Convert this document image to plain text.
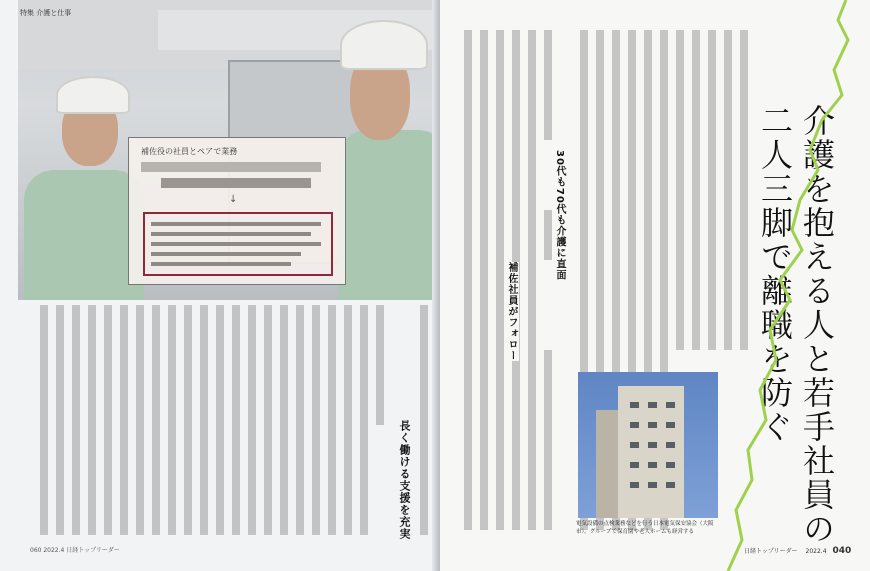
特集 介護と仕事
補佐役の社員とペアで業務
↓
長く働ける支援を充実
060 2022.4 日経トップリーダー
30代も70代も介護に直面
補佐社員がフォロー	介護を抱える人と若手社員の
二人三脚で離職を防ぐ
電気設備の点検業務などを行う日本電気保安協会（大阪市）。グループで保育園や老人ホームも経営する
日経トップリーダー 2022.4 040
